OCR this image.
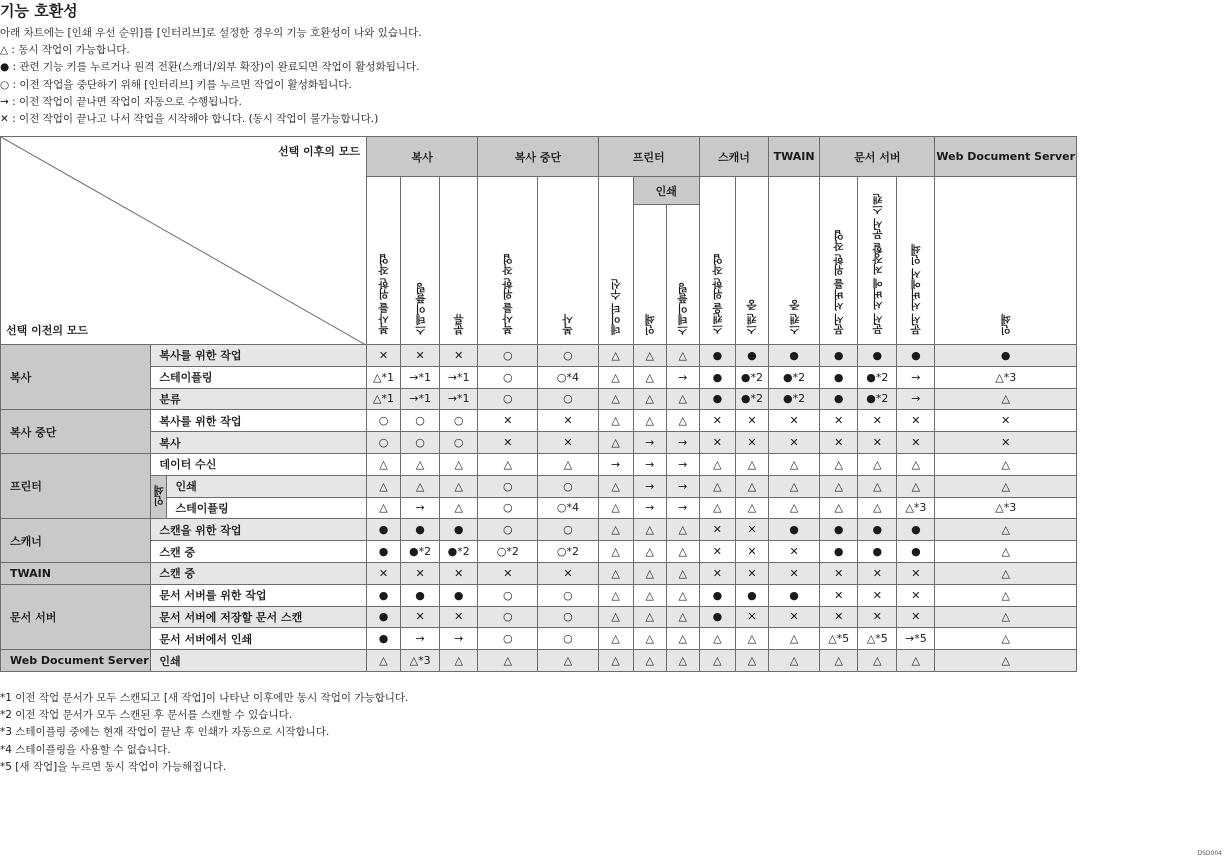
기능 호환성
아래 차트에는 [인쇄 우선 순위]를 [인터리브]로 설정한 경우의 기능 호환성이 나와 있습니다.
△ : 동시 작업이 가능합니다.
● : 관련 기능 키를 누르거나 원격 전환(스캐너/외부 확장)이 완료되면 작업이 활성화됩니다.
○ : 이전 작업을 중단하기 위해 [인터리브] 키를 누르면 작업이 활성화됩니다.
→ : 이전 작업이 끝나면 작업이 자동으로 수행됩니다.
✕ : 이전 작업이 끝나고 나서 작업을 시작해야 합니다. (동시 작업이 불가능합니다.)
선택 이후의 모드
선택 이전의 모드			복사			복사 중단		프린터			스캐너		TWAIN	문서 서버			Web Document Server
			복사를 위한 작업	스테이플링	분류	복사를 위한 작업	복사	데이터 수신	인쇄		스캔을 위한 작업	스캔 중	스캔 중	문서 서버를 위한 작업	문서 서버에 저장할 문서 스캔	문서 서버에서 인쇄	인쇄
									인쇄	스테이플링							
복사	복사를 위한 작업		✕	✕	✕	○	○	△	△	△	●	●	●	●	●	●	●
	스테이플링		△*1	→*1	→*1	○	○*4	△	△	→	●	●*2	●*2	●	●*2	→	△*3
	분류		△*1	→*1	→*1	○	○	△	△	△	●	●*2	●*2	●	●*2	→	△
복사 중단	복사를 위한 작업		○	○	○	✕	✕	△	△	△	✕	✕	✕	✕	✕	✕	✕
	복사		○	○	○	✕	✕	△	→	→	✕	✕	✕	✕	✕	✕	✕
프린터	데이터 수신		△	△	△	△	△	→	→	→	△	△	△	△	△	△	△
	인쇄	인쇄	△	△	△	○	○	△	→	→	△	△	△	△	△	△	△
		스테이플링	△	→	△	○	○*4	△	→	→	△	△	△	△	△	△*3	△*3
스캐너	스캔을 위한 작업		●	●	●	○	○	△	△	△	✕	✕	●	●	●	●	△
	스캔 중		●	●*2	●*2	○*2	○*2	△	△	△	✕	✕	✕	●	●	●	△
TWAIN	스캔 중		✕	✕	✕	✕	✕	△	△	△	✕	✕	✕	✕	✕	✕	△
문서 서버	문서 서버를 위한 작업		●	●	●	○	○	△	△	△	●	●	●	✕	✕	✕	△
	문서 서버에 저장할 문서 스캔		●	✕	✕	○	○	△	△	△	●	✕	✕	✕	✕	✕	△
	문서 서버에서 인쇄		●	→	→	○	○	△	△	△	△	△	△	△*5	△*5	→*5	△
Web Document Server	인쇄		△	△*3	△	△	△	△	△	△	△	△	△	△	△	△	△
*1 이전 작업 문서가 모두 스캔되고 [새 작업]이 나타난 이후에만 동시 작업이 가능합니다.
*2 이전 작업 문서가 모두 스캔된 후 문서를 스캔할 수 있습니다.
*3 스테이플링 중에는 현재 작업이 끝난 후 인쇄가 자동으로 시작합니다.
*4 스테이플링을 사용할 수 없습니다.
*5 [새 작업]을 누르면 동시 작업이 가능해집니다.
DSD004
